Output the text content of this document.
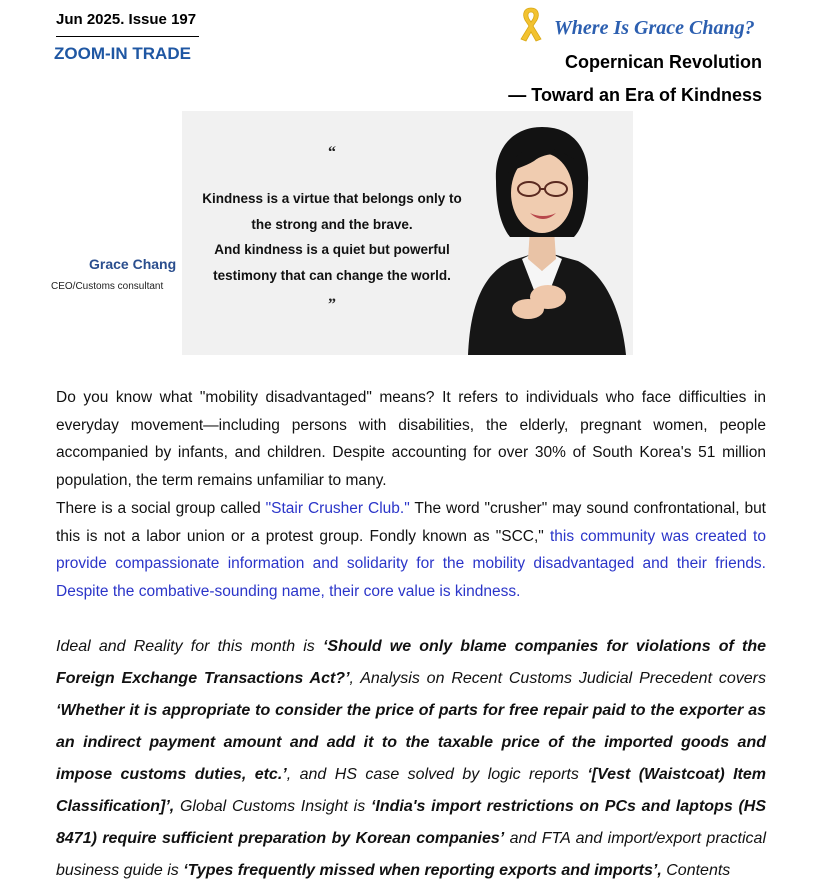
Jun 2025. Issue 197
ZOOM-IN TRADE
Where Is Grace Chang?
Copernican Revolution
— Toward an Era of Kindness
“
Kindness is a virtue that belongs only to
the strong and the brave.
And kindness is a quiet but powerful
testimony that can change the world.
”
Grace Chang
CEO/Customs consultant

Do you know what "mobility disadvantaged" means? It refers to individuals who face difficulties in everyday movement—including persons with disabilities, the elderly, pregnant women, people accompanied by infants, and children. Despite accounting for over 30% of South Korea's 51 million population, the term remains unfamiliar to many.

There is a social group called "Stair Crusher Club." The word "crusher" may sound confrontational, but this is not a labor union or a protest group. Fondly known as "SCC," this community was created to provide compassionate information and solidarity for the mobility disadvantaged and their friends. Despite the combative-sounding name, their core value is kindness.

Ideal and Reality for this month is ‘Should we only blame companies for violations of the Foreign Exchange Transactions Act?’, Analysis on Recent Customs Judicial Precedent covers ‘Whether it is appropriate to consider the price of parts for free repair paid to the exporter as an indirect payment amount and add it to the taxable price of the imported goods and impose customs duties, etc.’, and HS case solved by logic reports ‘[Vest (Waistcoat) Item Classification]’, Global Customs Insight is ‘India's import restrictions on PCs and laptops (HS 8471) require sufficient preparation by Korean companies’ and FTA and import/export practical business guide is ‘Types frequently missed when reporting exports and imports’, Contents
